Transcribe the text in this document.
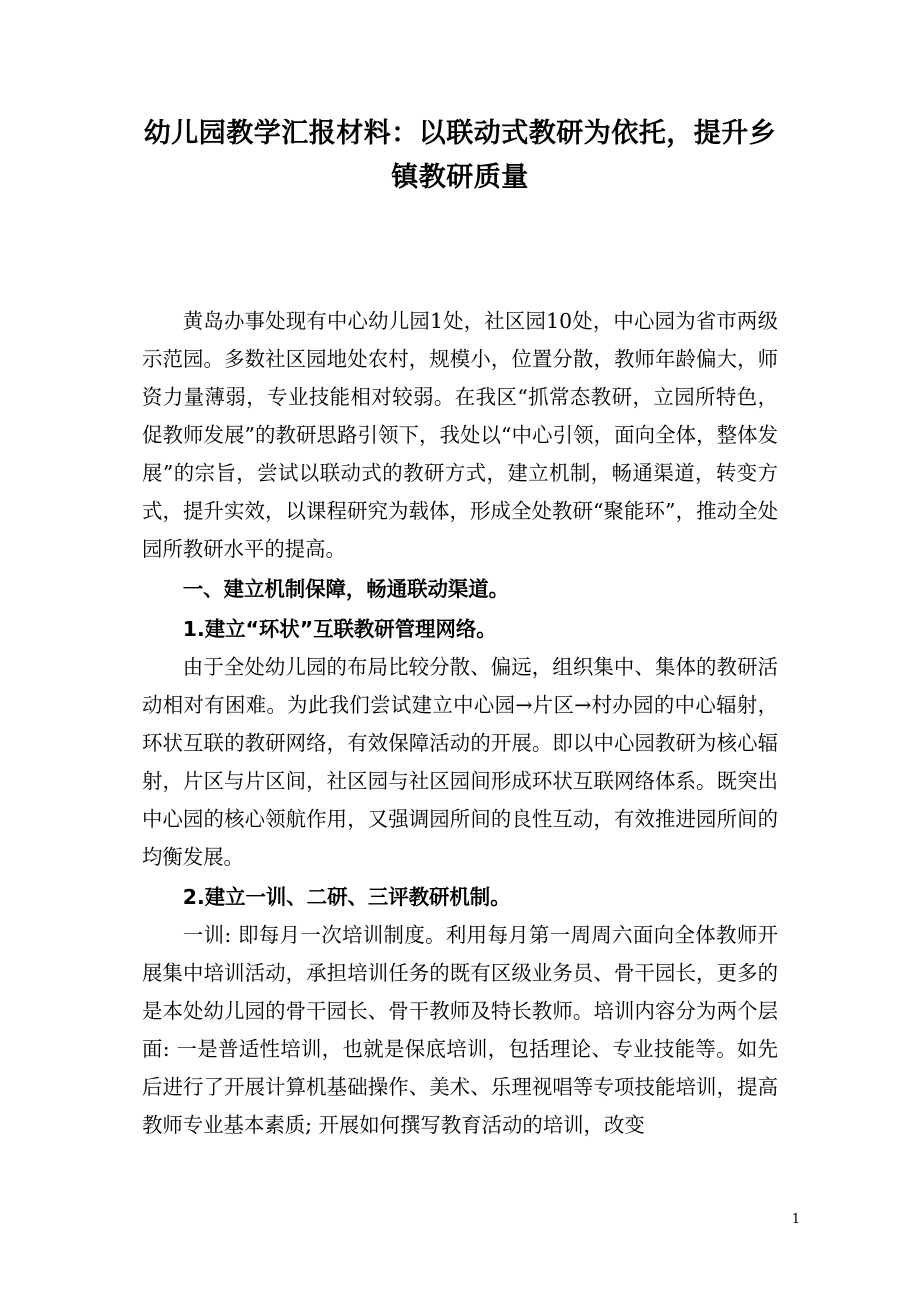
幼儿园教学汇报材料：以联动式教研为依托，提升乡
镇教研质量

黄岛办事处现有中心幼儿园1处，社区园10处，中心园为省市两级示范园。多数社区园地处农村，规模小，位置分散，教师年龄偏大，师资力量薄弱，专业技能相对较弱。在我区“抓常态教研，立园所特色，促教师发展”的教研思路引领下，我处以“中心引领，面向全体，整体发展”的宗旨，尝试以联动式的教研方式，建立机制，畅通渠道，转变方式，提升实效，以课程研究为载体，形成全处教研“聚能环”，推动全处园所教研水平的提高。

一、建立机制保障，畅通联动渠道。

1.建立“环状”互联教研管理网络。

由于全处幼儿园的布局比较分散、偏远，组织集中、集体的教研活动相对有困难。为此我们尝试建立中心园→片区→村办园的中心辐射，环状互联的教研网络，有效保障活动的开展。即以中心园教研为核心辐射，片区与片区间，社区园与社区园间形成环状互联网络体系。既突出中心园的核心领航作用，又强调园所间的良性互动，有效推进园所间的均衡发展。

2.建立一训、二研、三评教研机制。

一训: 即每月一次培训制度。利用每月第一周周六面向全体教师开展集中培训活动，承担培训任务的既有区级业务员、骨干园长，更多的是本处幼儿园的骨干园长、骨干教师及特长教师。培训内容分为两个层面: 一是普适性培训，也就是保底培训，包括理论、专业技能等。如先后进行了开展计算机基础操作、美术、乐理视唱等专项技能培训，提高教师专业基本素质; 开展如何撰写教育活动的培训，改变

1
